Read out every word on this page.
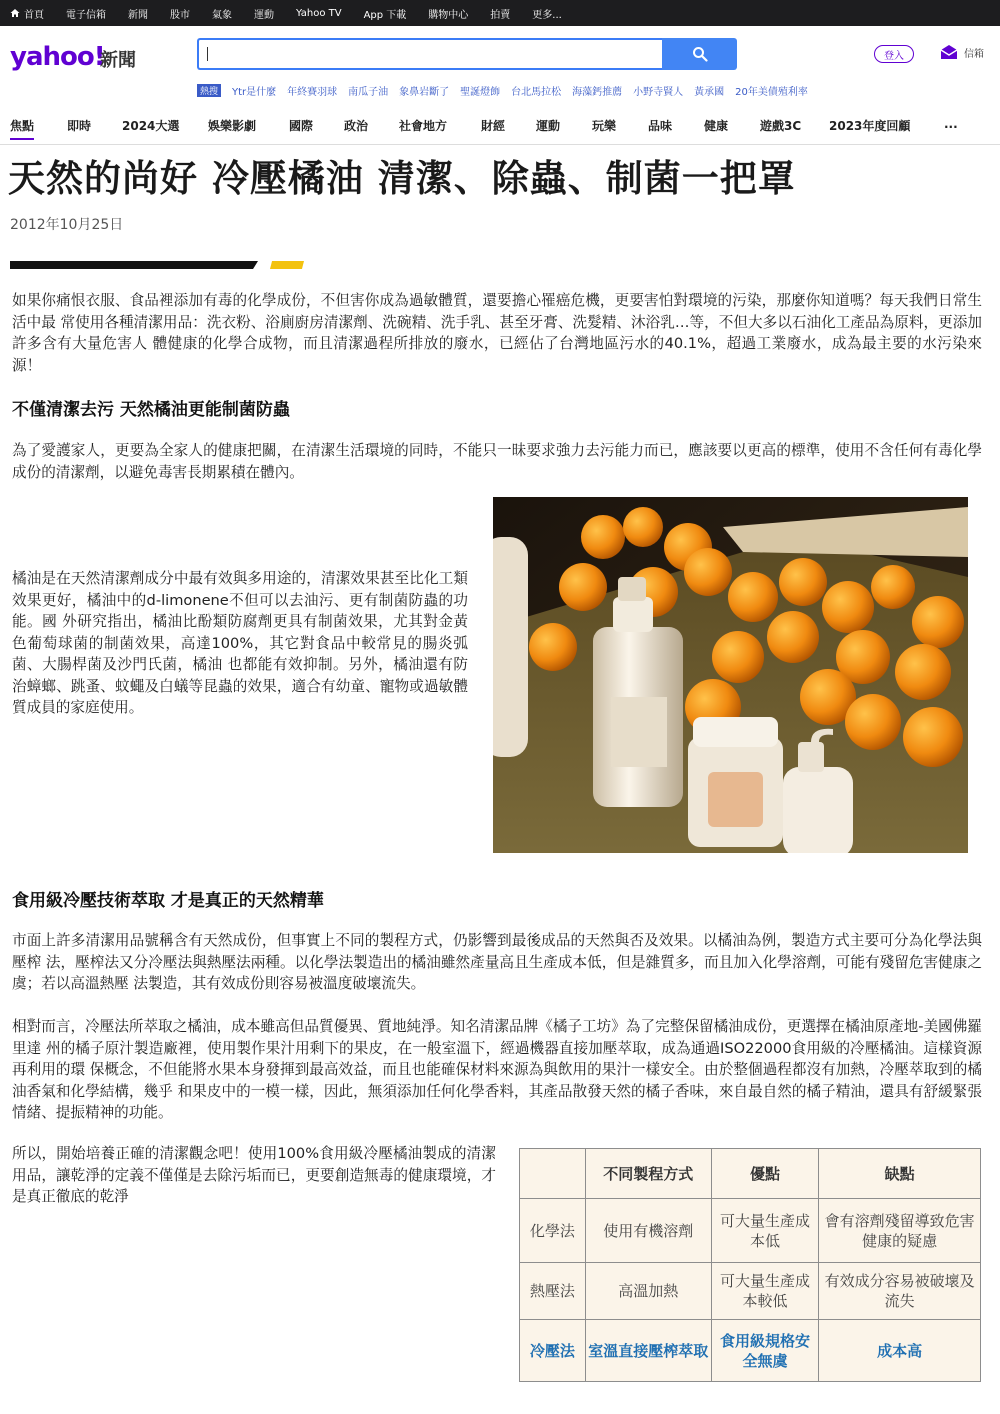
首頁 電子信箱 新聞 股市 氣象 運動 Yahoo TV App 下載 購物中心 拍賣 更多...
yahoo!
新聞	登入	信箱
熱搜	Ytr是什麼 年終賽羽球 南瓜子油 象鼻岩斷了 聖誕燈飾 台北馬拉松 海藻鈣推薦 小野寺賢人 黃承國 20年美債殖利率
焦點	即時	2024大選 娛樂影劇	國際	政治	社會地方	財經	運動	玩樂	品味	健康	遊戲3C 2023年度回顧	...
天然的尚好 冷壓橘油 清潔、除蟲、制菌一把罩
2012年10月25日

如果你痛恨衣服、食品裡添加有毒的化學成份，不但害你成為過敏體質，還要擔心罹癌危機，更要害怕對環境的污染，那麼你知道嗎？每天我們日常生活中最 常使用各種清潔用品：洗衣粉、浴廁廚房清潔劑、洗碗精、洗手乳、甚至牙膏、洗髮精、沐浴乳…等，不但大多以石油化工產品為原料，更添加許多含有大量危害人 體健康的化學合成物，而且清潔過程所排放的廢水，已經佔了台灣地區污水的40.1%，超過工業廢水，成為最主要的水污染來源！

不僅清潔去污 天然橘油更能制菌防蟲

為了愛護家人，更要為全家人的健康把關，在清潔生活環境的同時，不能只一昧要求強力去污能力而已，應該要以更高的標準，使用不含任何有毒化學成份的清潔劑，以避免毒害長期累積在體內。

橘油是在天然清潔劑成分中最有效與多用途的，清潔效果甚至比化工類效果更好，橘油中的d-limonene不但可以去油污、更有制菌防蟲的功能。國 外研究指出，橘油比酚類防腐劑更具有制菌效果，尤其對金黃色葡萄球菌的制菌效果，高達100%，其它對食品中較常見的腸炎弧菌、大腸桿菌及沙門氏菌，橘油 也都能有效抑制。另外，橘油還有防治蟑螂、跳蚤、蚊蠅及白蟻等昆蟲的效果，適合有幼童、寵物或過敏體質成員的家庭使用。

食用級冷壓技術萃取 才是真正的天然精華

市面上許多清潔用品號稱含有天然成份，但事實上不同的製程方式，仍影響到最後成品的天然與否及效果。以橘油為例，製造方式主要可分為化學法與壓榨 法，壓榨法又分冷壓法與熱壓法兩種。以化學法製造出的橘油雖然產量高且生產成本低，但是雜質多，而且加入化學溶劑，可能有殘留危害健康之虞；若以高溫熱壓 法製造，其有效成份則容易被溫度破壞流失。

相對而言，冷壓法所萃取之橘油，成本雖高但品質優異、質地純淨。知名清潔品牌《橘子工坊》為了完整保留橘油成份，更選擇在橘油原產地-美國佛羅里達 州的橘子原汁製造廠裡，使用製作果汁用剩下的果皮，在一般室溫下，經過機器直接加壓萃取，成為通過ISO22000食用級的冷壓橘油。這樣資源再利用的環 保概念，不但能將水果本身發揮到最高效益，而且也能確保材料來源為與飲用的果汁一樣安全。由於整個過程都沒有加熱，冷壓萃取到的橘油香氣和化學結構，幾乎 和果皮中的一模一樣，因此，無須添加任何化學香料，其產品散發天然的橘子香味，來自最自然的橘子精油，還具有舒緩緊張情緒、提振精神的功能。

所以，開始培養正確的清潔觀念吧！使用100%食用級冷壓橘油製成的清潔用品，讓乾淨的定義不僅僅是去除污垢而已，更要創造無毒的健康環境，才是真正徹底的乾淨

	不同製程方式	優點	缺點
化學法	使用有機溶劑	可大量生產成本低	會有溶劑殘留導致危害健康的疑慮
熱壓法	高溫加熱	可大量生產成本較低	有效成分容易被破壞及流失
冷壓法	室溫直接壓榨萃取	食用級規格安全無虞	成本高
